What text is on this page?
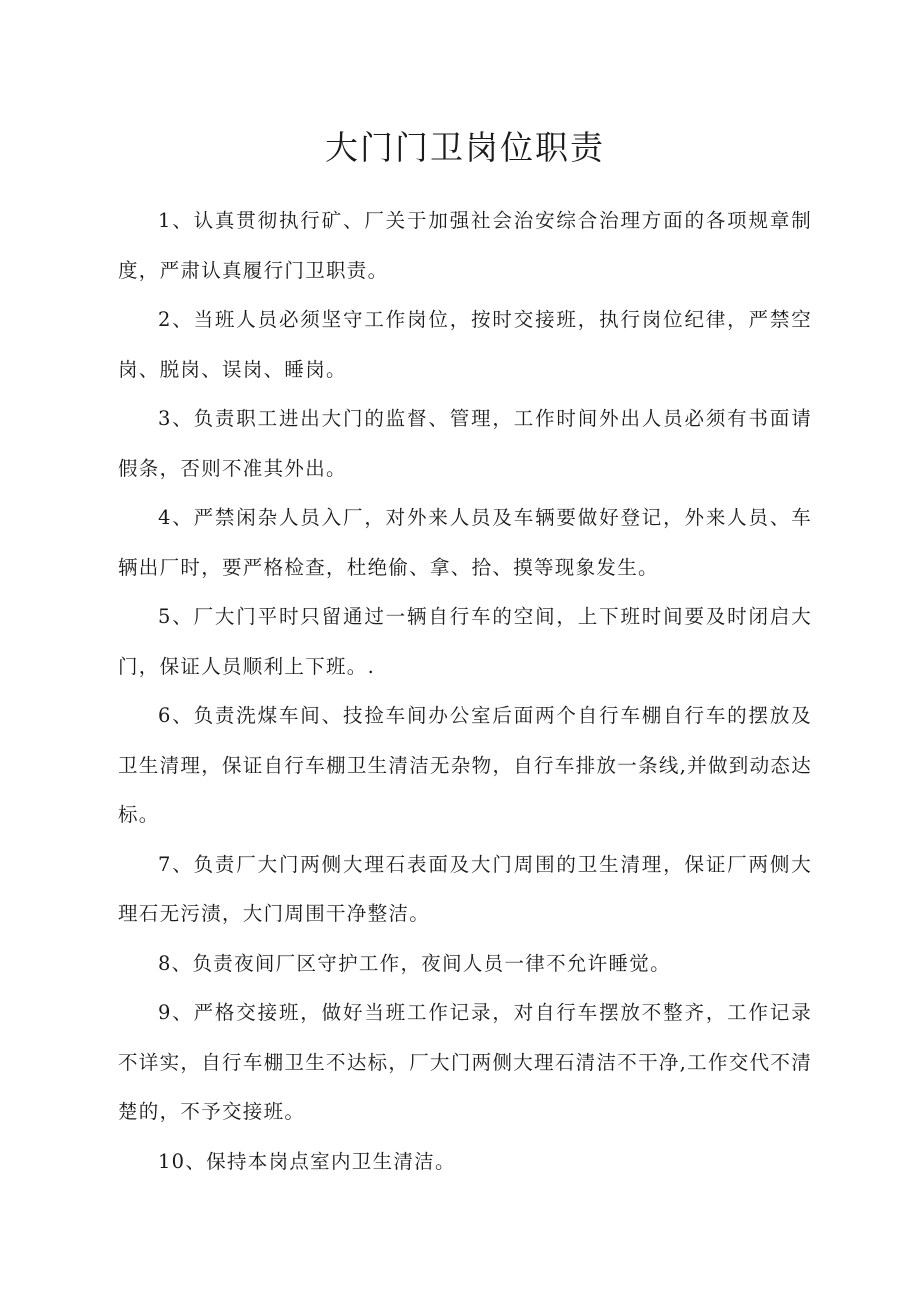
大门门卫岗位职责
1、认真贯彻执行矿、厂关于加强社会治安综合治理方面的各项规章制度，严肃认真履行门卫职责。
2、当班人员必须坚守工作岗位，按时交接班，执行岗位纪律，严禁空岗、脱岗、误岗、睡岗。
3、负责职工进出大门的监督、管理，工作时间外出人员必须有书面请假条，否则不准其外出。
4、严禁闲杂人员入厂，对外来人员及车辆要做好登记，外来人员、车辆出厂时，要严格检查，杜绝偷、拿、拾、摸等现象发生。
5、厂大门平时只留通过一辆自行车的空间，上下班时间要及时闭启大门，保证人员顺利上下班。.
6、负责洗煤车间、技捡车间办公室后面两个自行车棚自行车的摆放及卫生清理，保证自行车棚卫生清洁无杂物，自行车排放一条线,并做到动态达标。
7、负责厂大门两侧大理石表面及大门周围的卫生清理，保证厂两侧大理石无污渍，大门周围干净整洁。
8、负责夜间厂区守护工作，夜间人员一律不允许睡觉。
9、严格交接班，做好当班工作记录，对自行车摆放不整齐，工作记录不详实，自行车棚卫生不达标，厂大门两侧大理石清洁不干净,工作交代不清楚的，不予交接班。
10、保持本岗点室内卫生清洁。
